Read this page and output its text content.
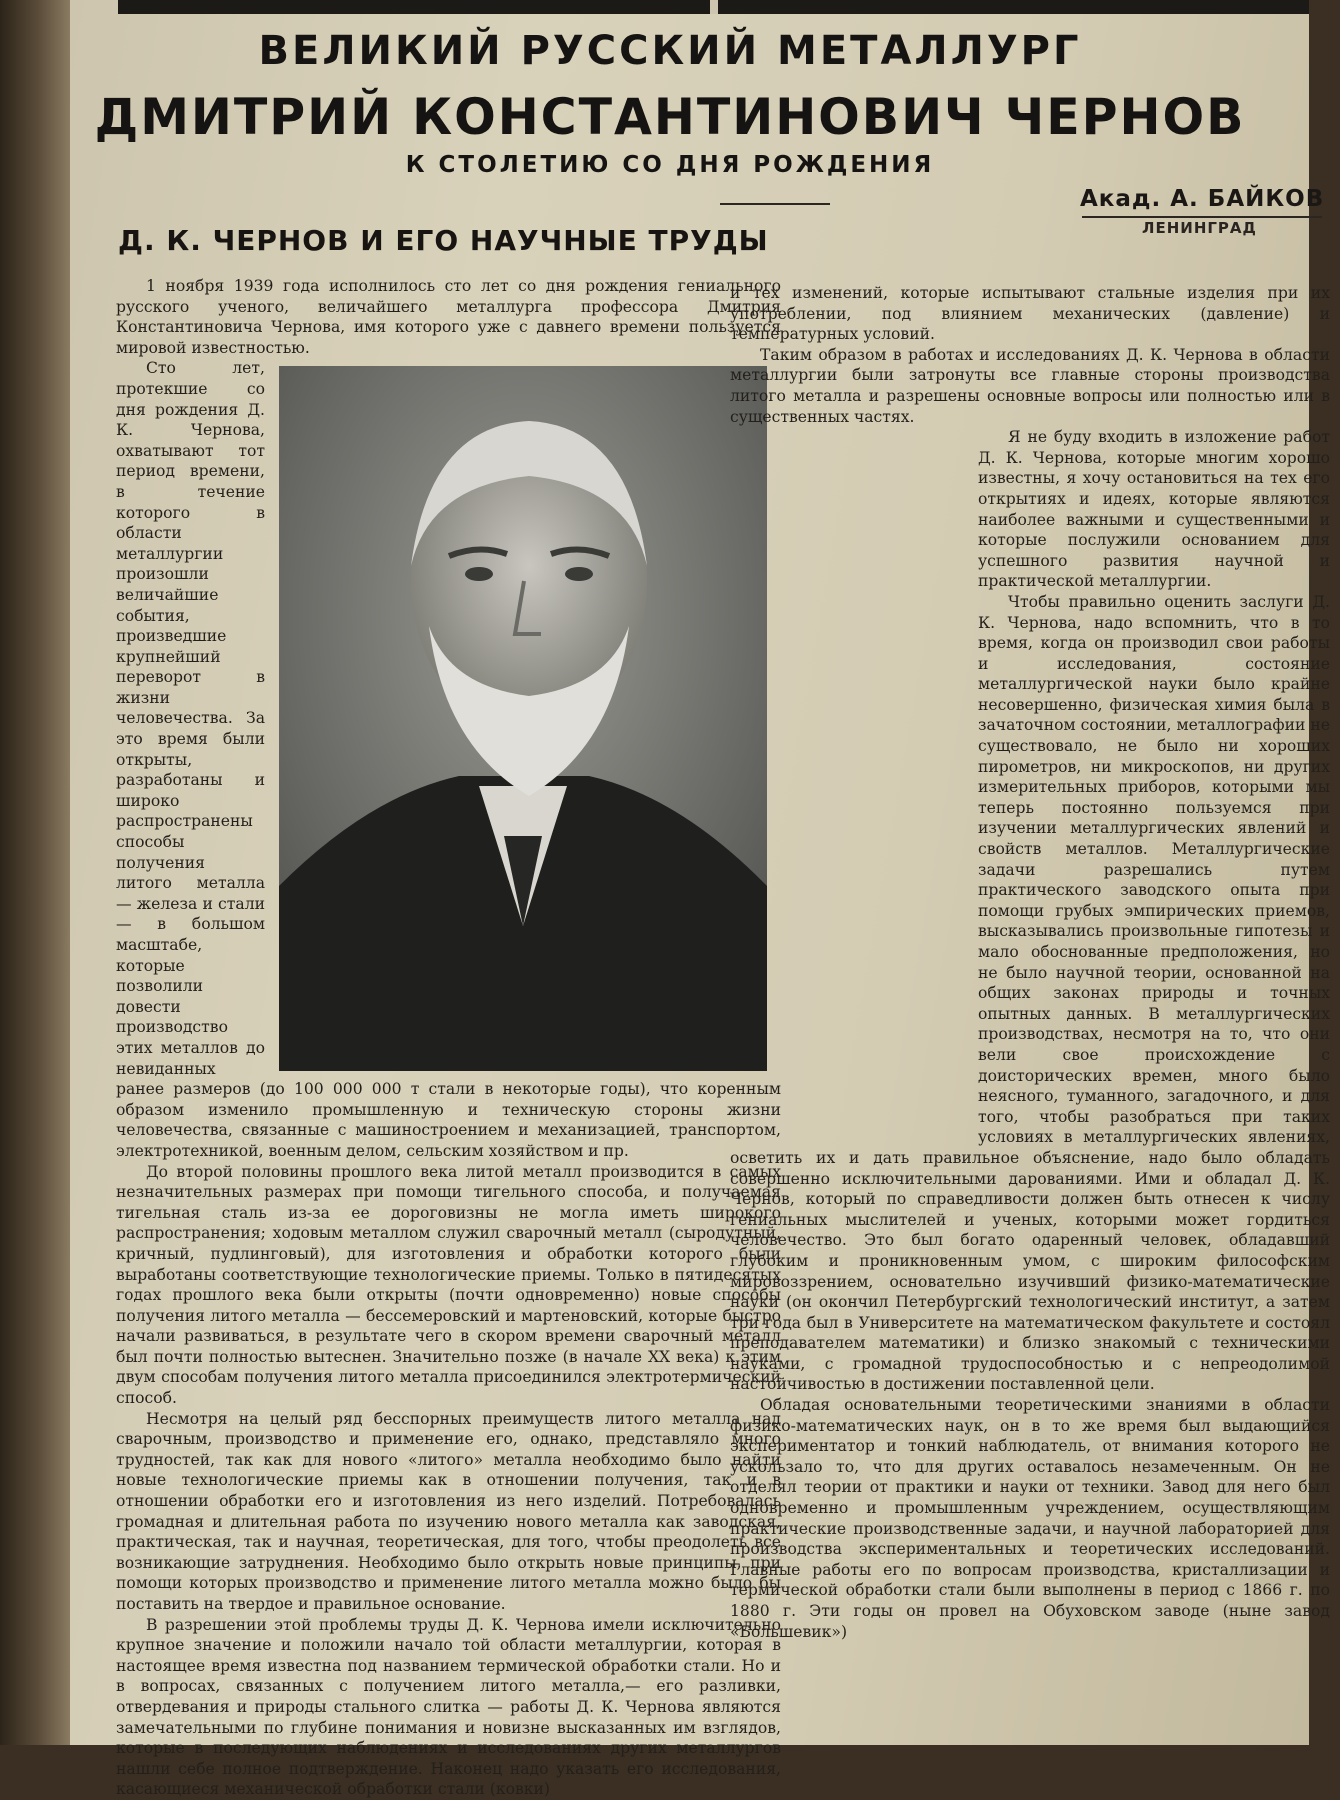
ВЕЛИКИЙ РУССКИЙ МЕТАЛЛУРГ
ДМИТРИЙ КОНСТАНТИНОВИЧ ЧЕРНОВ
К СТОЛЕТИЮ СО ДНЯ РОЖДЕНИЯ
Акад. А. БАЙКОВ
ЛЕНИНГРАД
Д. К. ЧЕРНОВ И ЕГО НАУЧНЫЕ ТРУДЫ

1 ноября 1939 года исполнилось сто лет со дня рождения гениального русского ученого, величайшего металлурга профессора Дмитрия Константиновича Чернова, имя которого уже с давнего времени пользуется мировой известностью.

Сто лет, протекшие со дня рождения Д. К. Чернова, охватывают тот период времени, в течение которого в области металлургии произошли величайшие события, произведшие крупнейший переворот в жизни человечества. За это время были открыты, разработаны и широко распространены способы получения литого металла — железа и стали — в большом масштабе, которые позволили довести производство этих металлов до невиданных ранее размеров (до 100 000 000 т стали в некоторые годы), что коренным образом изменило промышленную и техническую стороны жизни человечества, связанные с машиностроением и механизацией, транспортом, электротехникой, военным делом, сельским хозяйством и пр.

До второй половины прошлого века литой металл производится в самых незначительных размерах при помощи тигельного способа, и получаемая тигельная сталь из-за ее дороговизны не могла иметь широкого распространения; ходовым металлом служил сварочный металл (сыродутный, кричный, пудлинговый), для изготовления и обработки которого были выработаны соответствующие технологические приемы. Только в пятидесятых годах прошлого века были открыты (почти одновременно) новые способы получения литого металла — бессемеровский и мартеновский, которые быстро начали развиваться, в результате чего в скором времени сварочный металл был почти полностью вытеснен. Значительно позже (в начале XX века) к этим двум способам получения литого металла присоединился электротермический способ.

Несмотря на целый ряд бесспорных преимуществ литого металла над сварочным, производство и применение его, однако, представляло много трудностей, так как для нового «литого» металла необходимо было найти новые технологические приемы как в отношении получения, так и в отношении обработки его и изготовления из него изделий. Потребовалась громадная и длительная работа по изучению нового металла как заводская, практическая, так и научная, теоретическая, для того, чтобы преодолеть все возникающие затруднения. Необходимо было открыть новые принципы, при помощи которых производство и применение литого металла можно было бы поставить на твердое и правильное основание.

В разрешении этой проблемы труды Д. К. Чернова имели исключительно крупное значение и положили начало той области металлургии, которая в настоящее время известна под названием термической обработки стали. Но и в вопросах, связанных с получением литого металла,— его разливки, отвердевания и природы стального слитка — работы Д. К. Чернова являются замечательными по глубине понимания и новизне высказанных им взглядов, которые в последующих наблюдениях и исследованиях других металлургов нашли себе полное подтверждение. Наконец надо указать его исследования, касающиеся механической обработки стали (ковки)

и тех изменений, которые испытывают стальные изделия при их употреблении, под влиянием механических (давление) и температурных условий.

Таким образом в работах и исследованиях Д. К. Чернова в области металлургии были затронуты все главные стороны производства литого металла и разрешены основные вопросы или полностью или в существенных частях.

Я не буду входить в изложение работ Д. К. Чернова, которые многим хорошо известны, я хочу остановиться на тех его открытиях и идеях, которые являются наиболее важными и существенными и которые послужили основанием для успешного развития научной и практической металлургии.

Чтобы правильно оценить заслуги Д. К. Чернова, надо вспомнить, что в то время, когда он производил свои работы и исследования, состояние металлургической науки было крайне несовершенно, физическая химия была в зачаточном состоянии, металлографии не существовало, не было ни хороших пирометров, ни микроскопов, ни других измерительных приборов, которыми мы теперь постоянно пользуемся при изучении металлургических явлений и свойств металлов. Металлургические задачи разрешались путем практического заводского опыта при помощи грубых эмпирических приемов, высказывались произвольные гипотезы и мало обоснованные предположения, но не было научной теории, основанной на общих законах природы и точных опытных данных. В металлургических производствах, несмотря на то, что они вели свое происхождение с доисторических времен, много было неясного, туманного, загадочного, и для того, чтобы разобраться при таких условиях в металлургических явлениях, осветить их и дать правильное объяснение, надо было обладать совершенно исключительными дарованиями. Ими и обладал Д. К. Чернов, который по справедливости должен быть отнесен к числу гениальных мыслителей и ученых, которыми может гордиться человечество. Это был богато одаренный человек, обладавший глубоким и проникновенным умом, с широким философским мировоззрением, основательно изучивший физико-математические науки (он окончил Петербургский технологический институт, а затем три года был в Университете на математическом факультете и состоял преподавателем математики) и близко знакомый с техническими науками, с громадной трудоспособностью и с непреодолимой настойчивостью в достижении поставленной цели.

Обладая основательными теоретическими знаниями в области физико-математических наук, он в то же время был выдающийся экспериментатор и тонкий наблюдатель, от внимания которого не ускользало то, что для других оставалось незамеченным. Он не отделял теории от практики и науки от техники. Завод для него был одновременно и промышленным учреждением, осуществляющим практические производственные задачи, и научной лабораторией для производства экспериментальных и теоретических исследований. Главные работы его по вопросам производства, кристаллизации и термической обработки стали были выполнены в период с 1866 г. по 1880 г. Эти годы он провел на Обуховском заводе (ныне завод «Большевик»)
